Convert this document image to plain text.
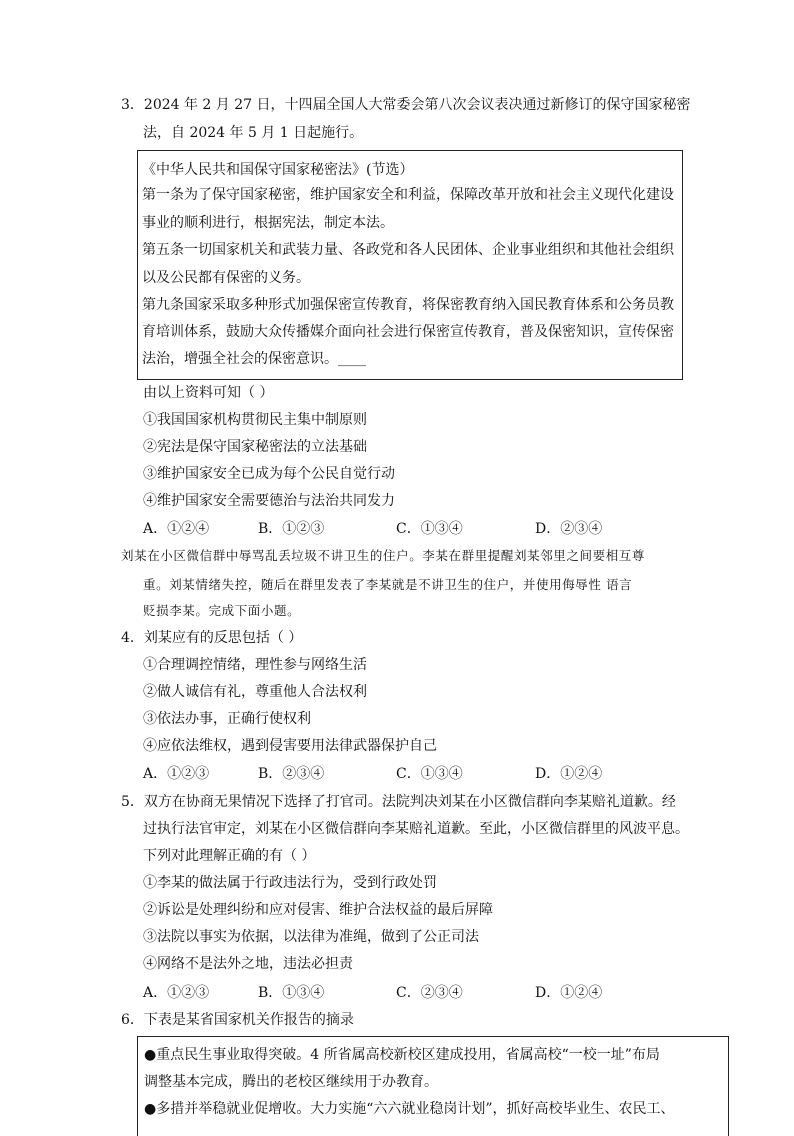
3．2024 年 2 月 27 日，十四届全国人大常委会第八次会议表决通过新修订的保守国家秘密
法，自 2024 年 5 月 1 日起施行。
《中华人民共和国保守国家秘密法》(节选）
第一条为了保守国家秘密，维护国家安全和利益，保障改革开放和社会主义现代化建设
事业的顺利进行，根据宪法，制定本法。
第五条一切国家机关和武装力量、各政党和各人民团体、企业事业组织和其他社会组织
以及公民都有保密的义务。
第九条国家采取多种形式加强保密宣传教育，将保密教育纳入国民教育体系和公务员教
育培训体系，鼓励大众传播媒介面向社会进行保密宣传教育，普及保密知识，宣传保密
法治，增强全社会的保密意识。____
由以上资料可知（ ）
①我国国家机构贯彻民主集中制原则
②宪法是保守国家秘密法的立法基础
③维护国家安全已成为每个公民自觉行动
④维护国家安全需要德治与法治共同发力
A．①②④	B．①②③	C．①③④	D．②③④
刘某在小区微信群中辱骂乱丢垃圾不讲卫生的住户。李某在群里提醒刘某邻里之间要相互尊
重。刘某情绪失控，随后在群里发表了李某就是不讲卫生的住户，并使用侮辱性 语言
贬损李某。完成下面小题。
4．刘某应有的反思包括（ ）
①合理调控情绪，理性参与网络生活
②做人诚信有礼，尊重他人合法权利
③依法办事，正确行使权利
④应依法维权，遇到侵害要用法律武器保护自己
A．①②③	B．②③④	C．①③④	D．①②④
5．双方在协商无果情况下选择了打官司。法院判决刘某在小区微信群向李某赔礼道歉。经
过执行法官审定，刘某在小区微信群向李某赔礼道歉。至此，小区微信群里的风波平息。
下列对此理解正确的有（ ）
①李某的做法属于行政违法行为，受到行政处罚
②诉讼是处理纠纷和应对侵害、维护合法权益的最后屏障
③法院以事实为依据，以法律为准绳，做到了公正司法
④网络不是法外之地，违法必担责
A．①②③	B．①③④	C．②③④	D．①②④
6．下表是某省国家机关作报告的摘录
●重点民生事业取得突破。4 所省属高校新校区建成投用，省属高校“一校一址”布局
调整基本完成，腾出的老校区继续用于办教育。
●多措并举稳就业促增收。大力实施“六六就业稳岗计划”，抓好高校毕业生、农民工、
